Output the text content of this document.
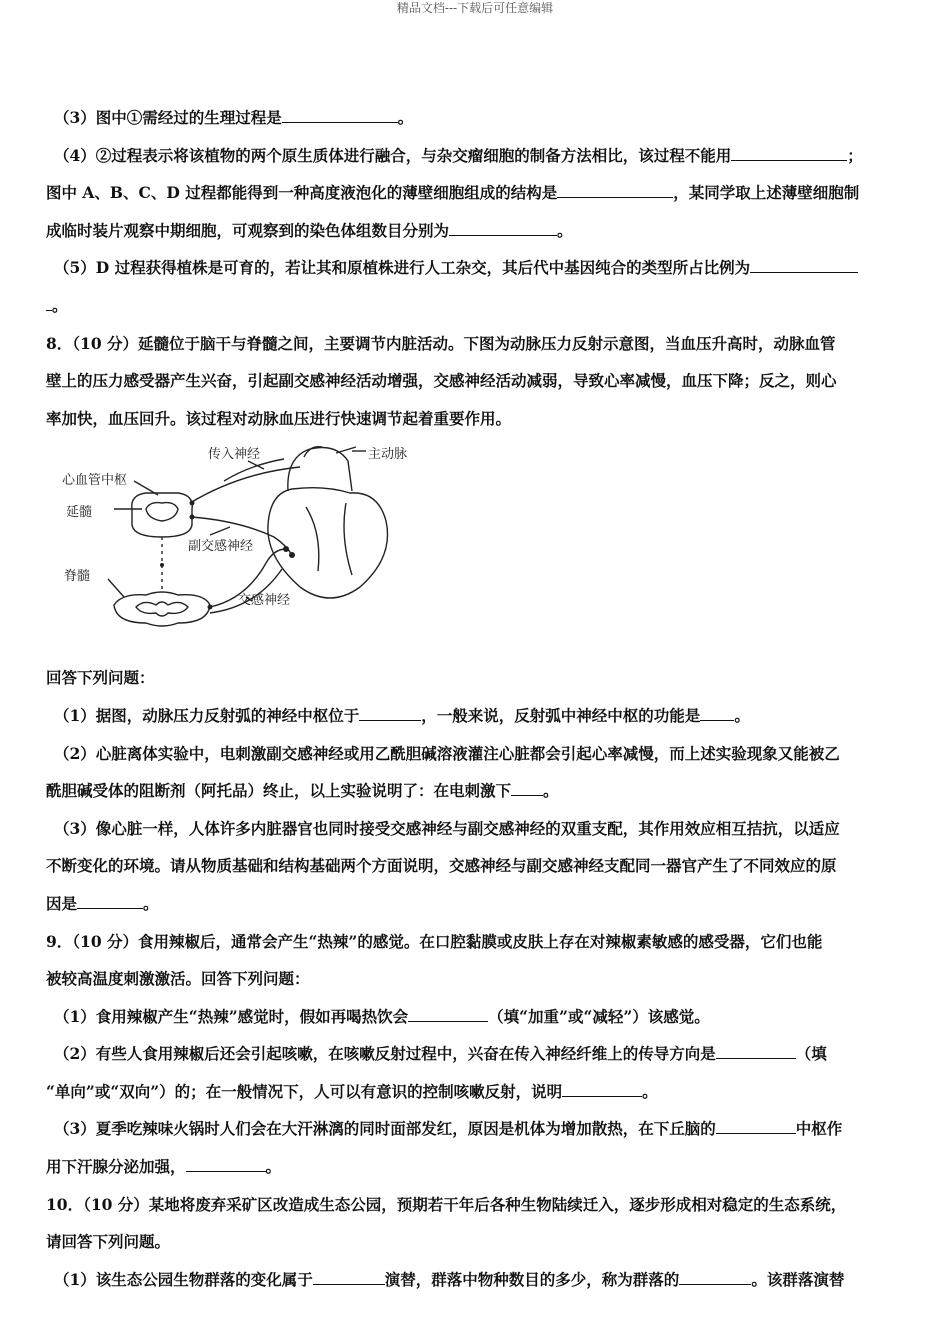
精品文档---下载后可任意编辑

（3）图中①需经过的生理过程是	。

（4）②过程表示将该植物的两个原生质体进行融合，与杂交瘤细胞的制备方法相比，该过程不能用	；

图中 A、B、C、D 过程都能得到一种高度液泡化的薄壁细胞组成的结构是	，某同学取上述薄壁细胞制

成临时装片观察中期细胞，可观察到的染色体组数目分别为	。

（5）D 过程获得植株是可育的，若让其和原植株进行人工杂交，其后代中基因纯合的类型所占比例为

。

8．（10 分）延髓位于脑干与脊髓之间，主要调节内脏活动。下图为动脉压力反射示意图，当血压升高时，动脉血管

壁上的压力感受器产生兴奋，引起副交感神经活动增强，交感神经活动减弱，导致心率减慢，血压下降；反之，则心

率加快，血压回升。该过程对动脉血压进行快速调节起着重要作用。

心血管中枢
传入神经	主动脉
延髓
副交感神经
脊髓
交感神经

回答下列问题：

（1）据图，动脉压力反射弧的神经中枢位于	，一般来说，反射弧中神经中枢的功能是 。

（2）心脏离体实验中，电刺激副交感神经或用乙酰胆碱溶液灌注心脏都会引起心率减慢，而上述实验现象又能被乙

酰胆碱受体的阻断剂（阿托品）终止，以上实验说明了：在电刺激下 。

（3）像心脏一样，人体许多内脏器官也同时接受交感神经与副交感神经的双重支配，其作用效应相互拮抗，以适应

不断变化的环境。请从物质基础和结构基础两个方面说明，交感神经与副交感神经支配同一器官产生了不同效应的原

因是	。

9．（10 分）食用辣椒后，通常会产生“热辣”的感觉。在口腔黏膜或皮肤上存在对辣椒素敏感的感受器，它们也能

被较高温度刺激激活。回答下列问题：

（1）食用辣椒产生“热辣”感觉时，假如再喝热饮会	（填“加重”或“减轻”）该感觉。

（2）有些人食用辣椒后还会引起咳嗽，在咳嗽反射过程中，兴奋在传入神经纤维上的传导方向是	（填

“单向”或“双向”）的；在一般情况下，人可以有意识的控制咳嗽反射，说明	。

（3）夏季吃辣味火锅时人们会在大汗淋漓的同时面部发红，原因是机体为增加散热，在下丘脑的	中枢作

用下汗腺分泌加强，	。

10．（10 分）某地将废弃采矿区改造成生态公园，预期若干年后各种生物陆续迁入，逐步形成相对稳定的生态系统，

请回答下列问题。

（1）该生态公园生物群落的变化属于	演替，群落中物种数目的多少，称为群落的	。该群落演替
